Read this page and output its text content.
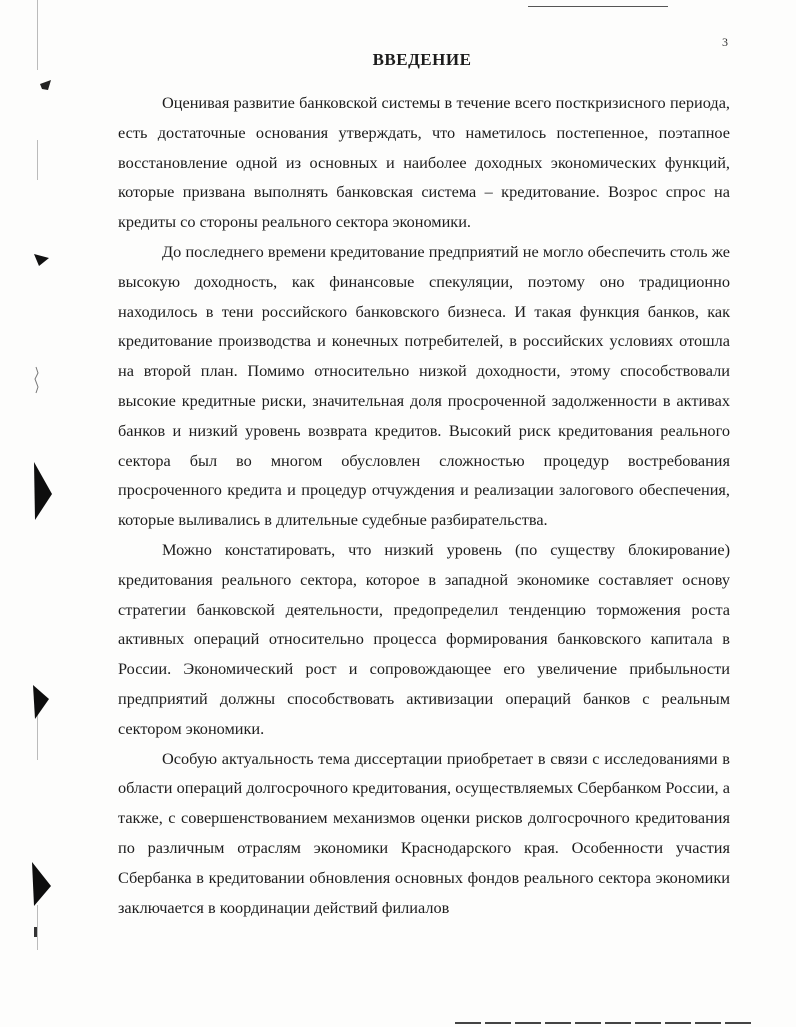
3
ВВЕДЕНИЕ

Оценивая развитие банковской системы в течение всего посткризисного периода, есть достаточные основания утверждать, что наметилось постепенное, поэтапное восстановление одной из основных и наиболее доходных экономических функций, которые призвана выполнять банковская система – кредитование. Возрос спрос на кредиты со стороны реального сектора экономики.

До последнего времени кредитование предприятий не могло обеспечить столь же высокую доходность, как финансовые спекуляции, поэтому оно традиционно находилось в тени российского банковского бизнеса. И такая функция банков, как кредитование производства и конечных потребителей, в российских условиях отошла на второй план. Помимо относительно низкой доходности, этому способствовали высокие кредитные риски, значительная доля просроченной задолженности в активах банков и низкий уровень возврата кредитов. Высокий риск кредитования реального сектора был во многом обусловлен сложностью процедур востребования просроченного кредита и процедур отчуждения и реализации залогового обеспечения, которые выливались в длительные судебные разбирательства.

Можно констатировать, что низкий уровень (по существу блокирование) кредитования реального сектора, которое в западной экономике составляет основу стратегии банковской деятельности, предопределил тенденцию торможения роста активных операций относительно процесса формирования банковского капитала в России. Экономический рост и сопровождающее его увеличение прибыльности предприятий должны способствовать активизации операций банков с реальным сектором экономики.

Особую актуальность тема диссертации приобретает в связи с исследованиями в области операций долгосрочного кредитования, осуществляемых Сбербанком России, а также, с совершенствованием механизмов оценки рисков долгосрочного кредитования по различным отраслям экономики Краснодарского края. Особенности участия Сбербанка в кредитовании обновления основных фондов реального сектора экономики заключается в координации действий филиалов
